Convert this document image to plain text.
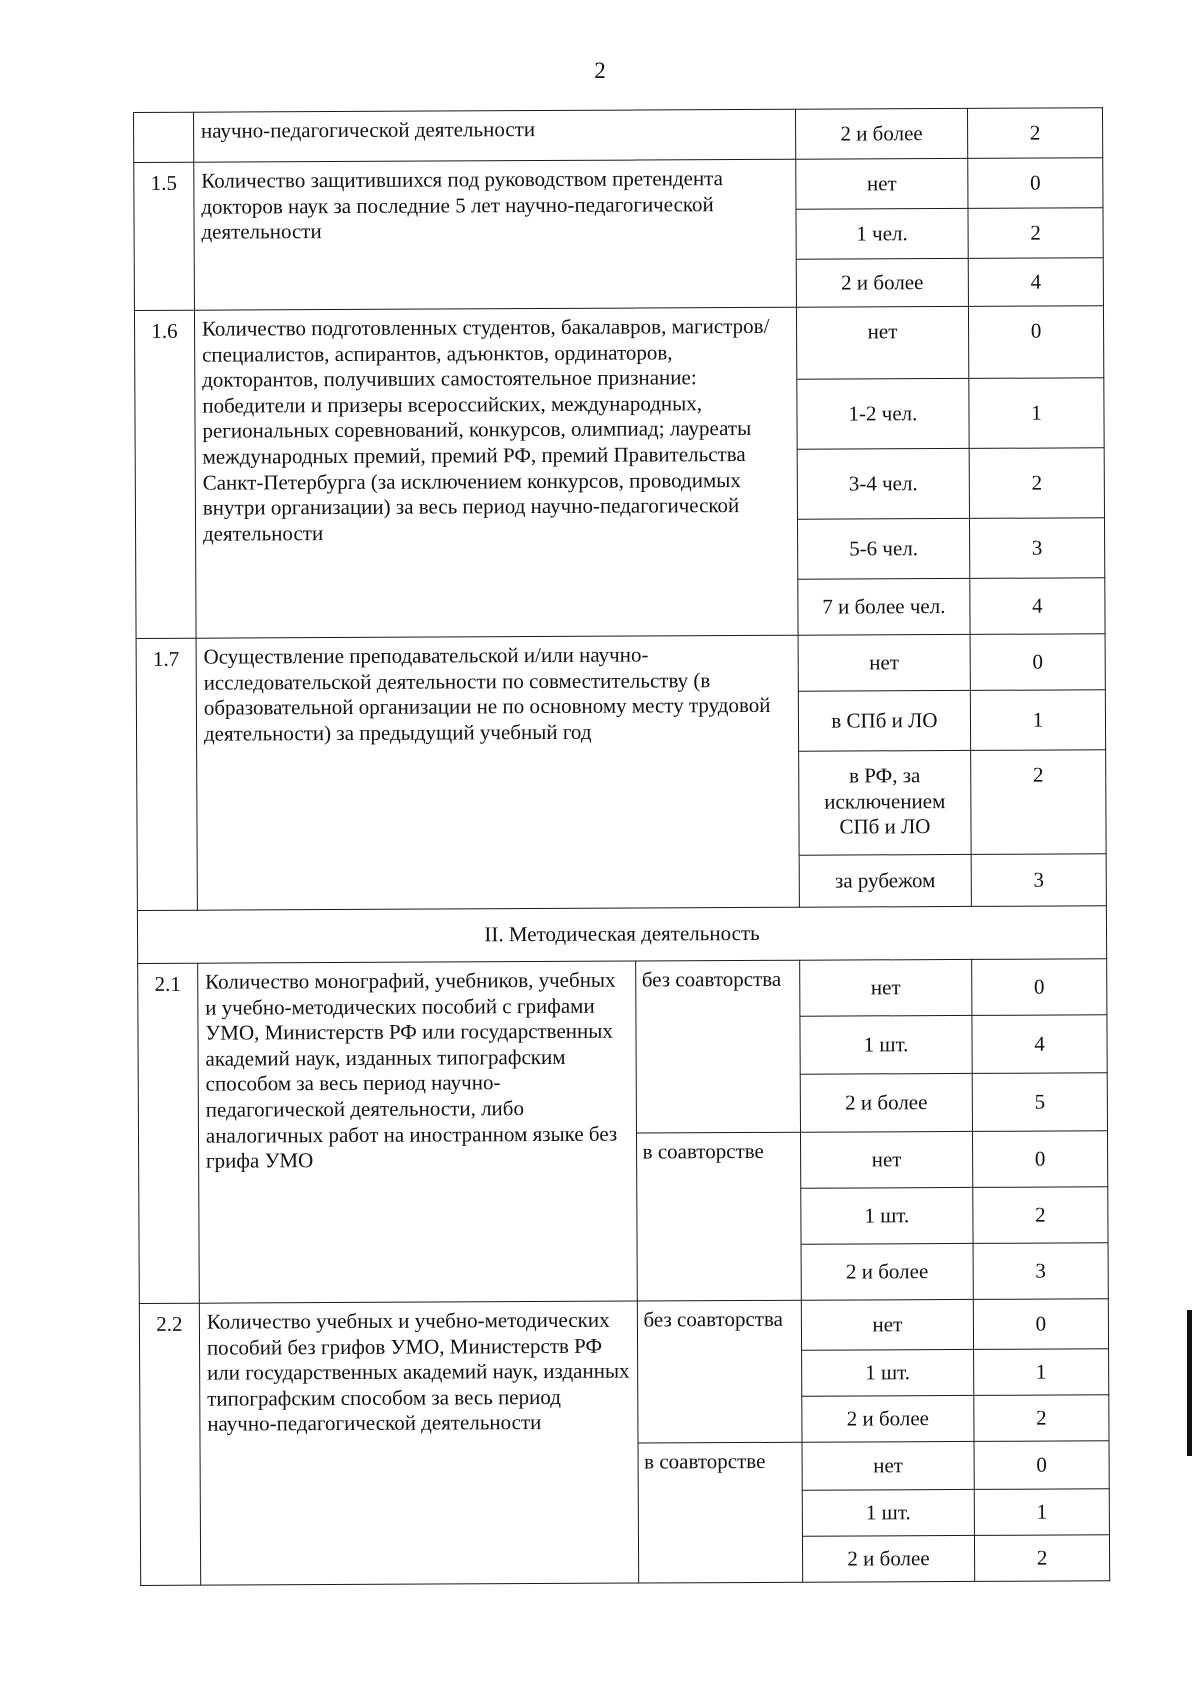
2
	научно-педагогической деятельности		2 и более	2
1.5	Количество защитившихся под руководством претендента докторов наук за последние 5 лет научно-педагогической деятельности		нет	0
			1 чел.	2
			2 и более	4
1.6	Количество подготовленных студентов, бакалавров, магистров/специалистов, аспирантов, адъюнктов, ординаторов, докторантов, получивших самостоятельное признание: победители и призеры всероссийских, международных, региональных соревнований, конкурсов, олимпиад; лауреаты международных премий, премий РФ, премий Правительства Санкт-Петербурга (за исключением конкурсов, проводимых внутри организации) за весь период научно-педагогической деятельности		нет	0
			1-2 чел.	1
			3-4 чел.	2
			5-6 чел.	3
			7 и более чел.	4
1.7	Осуществление преподавательской и/или научно-исследовательской деятельности по совместительству (в образовательной организации не по основному месту трудовой деятельности) за предыдущий учебный год		нет	0
			в СПб и ЛО	1
			в РФ, за исключением СПб и ЛО	2
			за рубежом	3
II. Методическая деятельность				
2.1	Количество монографий, учебников, учебных и учебно-методических пособий с грифами УМО, Министерств РФ или государственных академий наук, изданных типографским способом за весь период научно-педагогической деятельности, либо аналогичных работ на иностранном языке без грифа УМО	без соавторства	нет	0
			1 шт.	4
			2 и более	5
		в соавторстве	нет	0
			1 шт.	2
			2 и более	3
2.2	Количество учебных и учебно-методических пособий без грифов УМО, Министерств РФ или государственных академий наук, изданных типографским способом за весь период научно-педагогической деятельности	без соавторства	нет	0
			1 шт.	1
			2 и более	2
		в соавторстве	нет	0
			1 шт.	1
			2 и более	2
